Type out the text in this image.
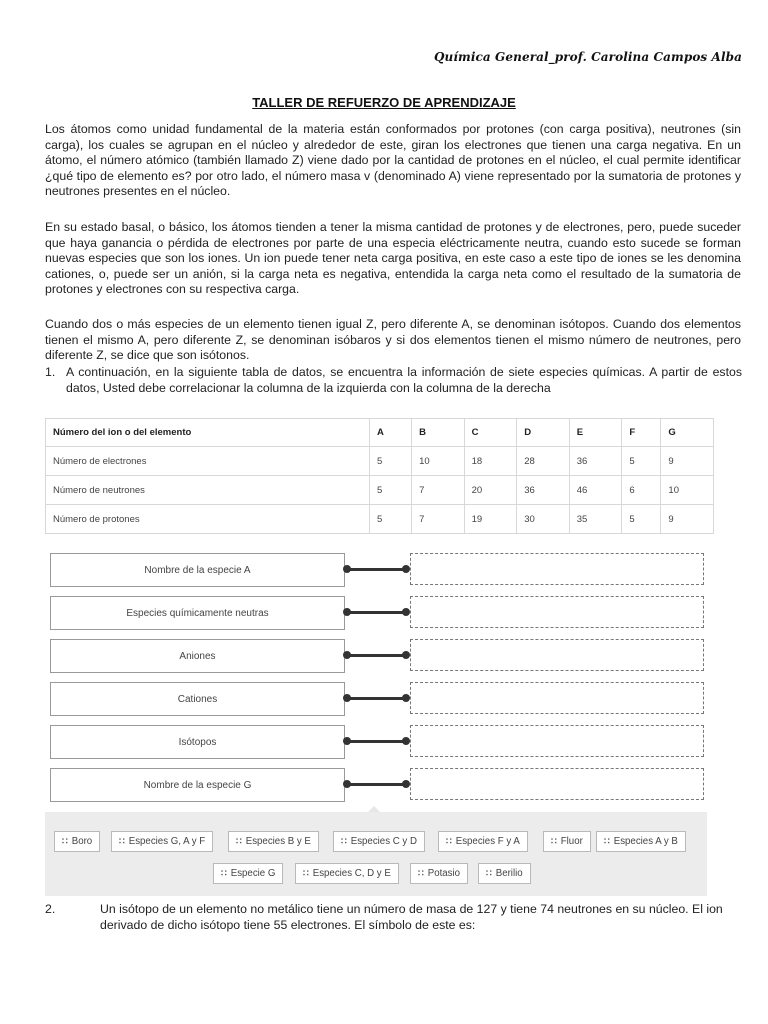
Química General_prof. Carolina Campos Alba
TALLER DE REFUERZO DE APRENDIZAJE

Los átomos como unidad fundamental de la materia están conformados por protones (con carga positiva), neutrones (sin carga), los cuales se agrupan en el núcleo y alrededor de este, giran los electrones que tienen una carga negativa. En un átomo, el número atómico (también llamado Z) viene dado por la cantidad de protones en el núcleo, el cual permite identificar ¿qué tipo de elemento es? por otro lado, el número masa v (denominado A) viene representado por la sumatoria de protones y neutrones presentes en el núcleo.

En su estado basal, o básico, los átomos tienden a tener la misma cantidad de protones y de electrones, pero, puede suceder que haya ganancia o pérdida de electrones por parte de una especia eléctricamente neutra, cuando esto sucede se forman nuevas especies que son los iones. Un ion puede tener neta carga positiva, en este caso a este tipo de iones se les denomina cationes, o, puede ser un anión, si la carga neta es negativa, entendida la carga neta como el resultado de la sumatoria de protones y electrones con su respectiva carga.

Cuando dos o más especies de un elemento tienen igual Z, pero diferente A, se denominan isótopos. Cuando dos elementos tienen el mismo A, pero diferente Z, se denominan isóbaros y si dos elementos tienen el mismo número de neutrones, pero diferente Z, se dice que son isótonos.

1. A continuación, en la siguiente tabla de datos, se encuentra la información de siete especies químicas. A partir de estos datos, Usted debe correlacionar la columna de la izquierda con la columna de la derecha

Número del ion o del elemento	A	B	C	D	E	F	G
Número de electrones	5	10	18	28	36	5	9
Número de neutrones	5	7	20	36	46	6	10
Número de protones	5	7	19	30	35	5	9
Nombre de la especie A
Especies químicamente neutras
Aniones
Cationes
Isótopos
Nombre de la especie G
∷ Boro	∷ Especies G, A y F	∷ Especies B y E	∷ Especies C y D	∷ Especies F y A	∷ Fluor ∷ Especies A y B
∷ Especie G	∷ Especies C, D y E	∷ Potasio	∷ Berilio
2.	Un isótopo de un elemento no metálico tiene un número de masa de 127 y tiene 74 neutrones en su núcleo. El ion derivado de dicho isótopo tiene 55 electrones. El símbolo de este es:
